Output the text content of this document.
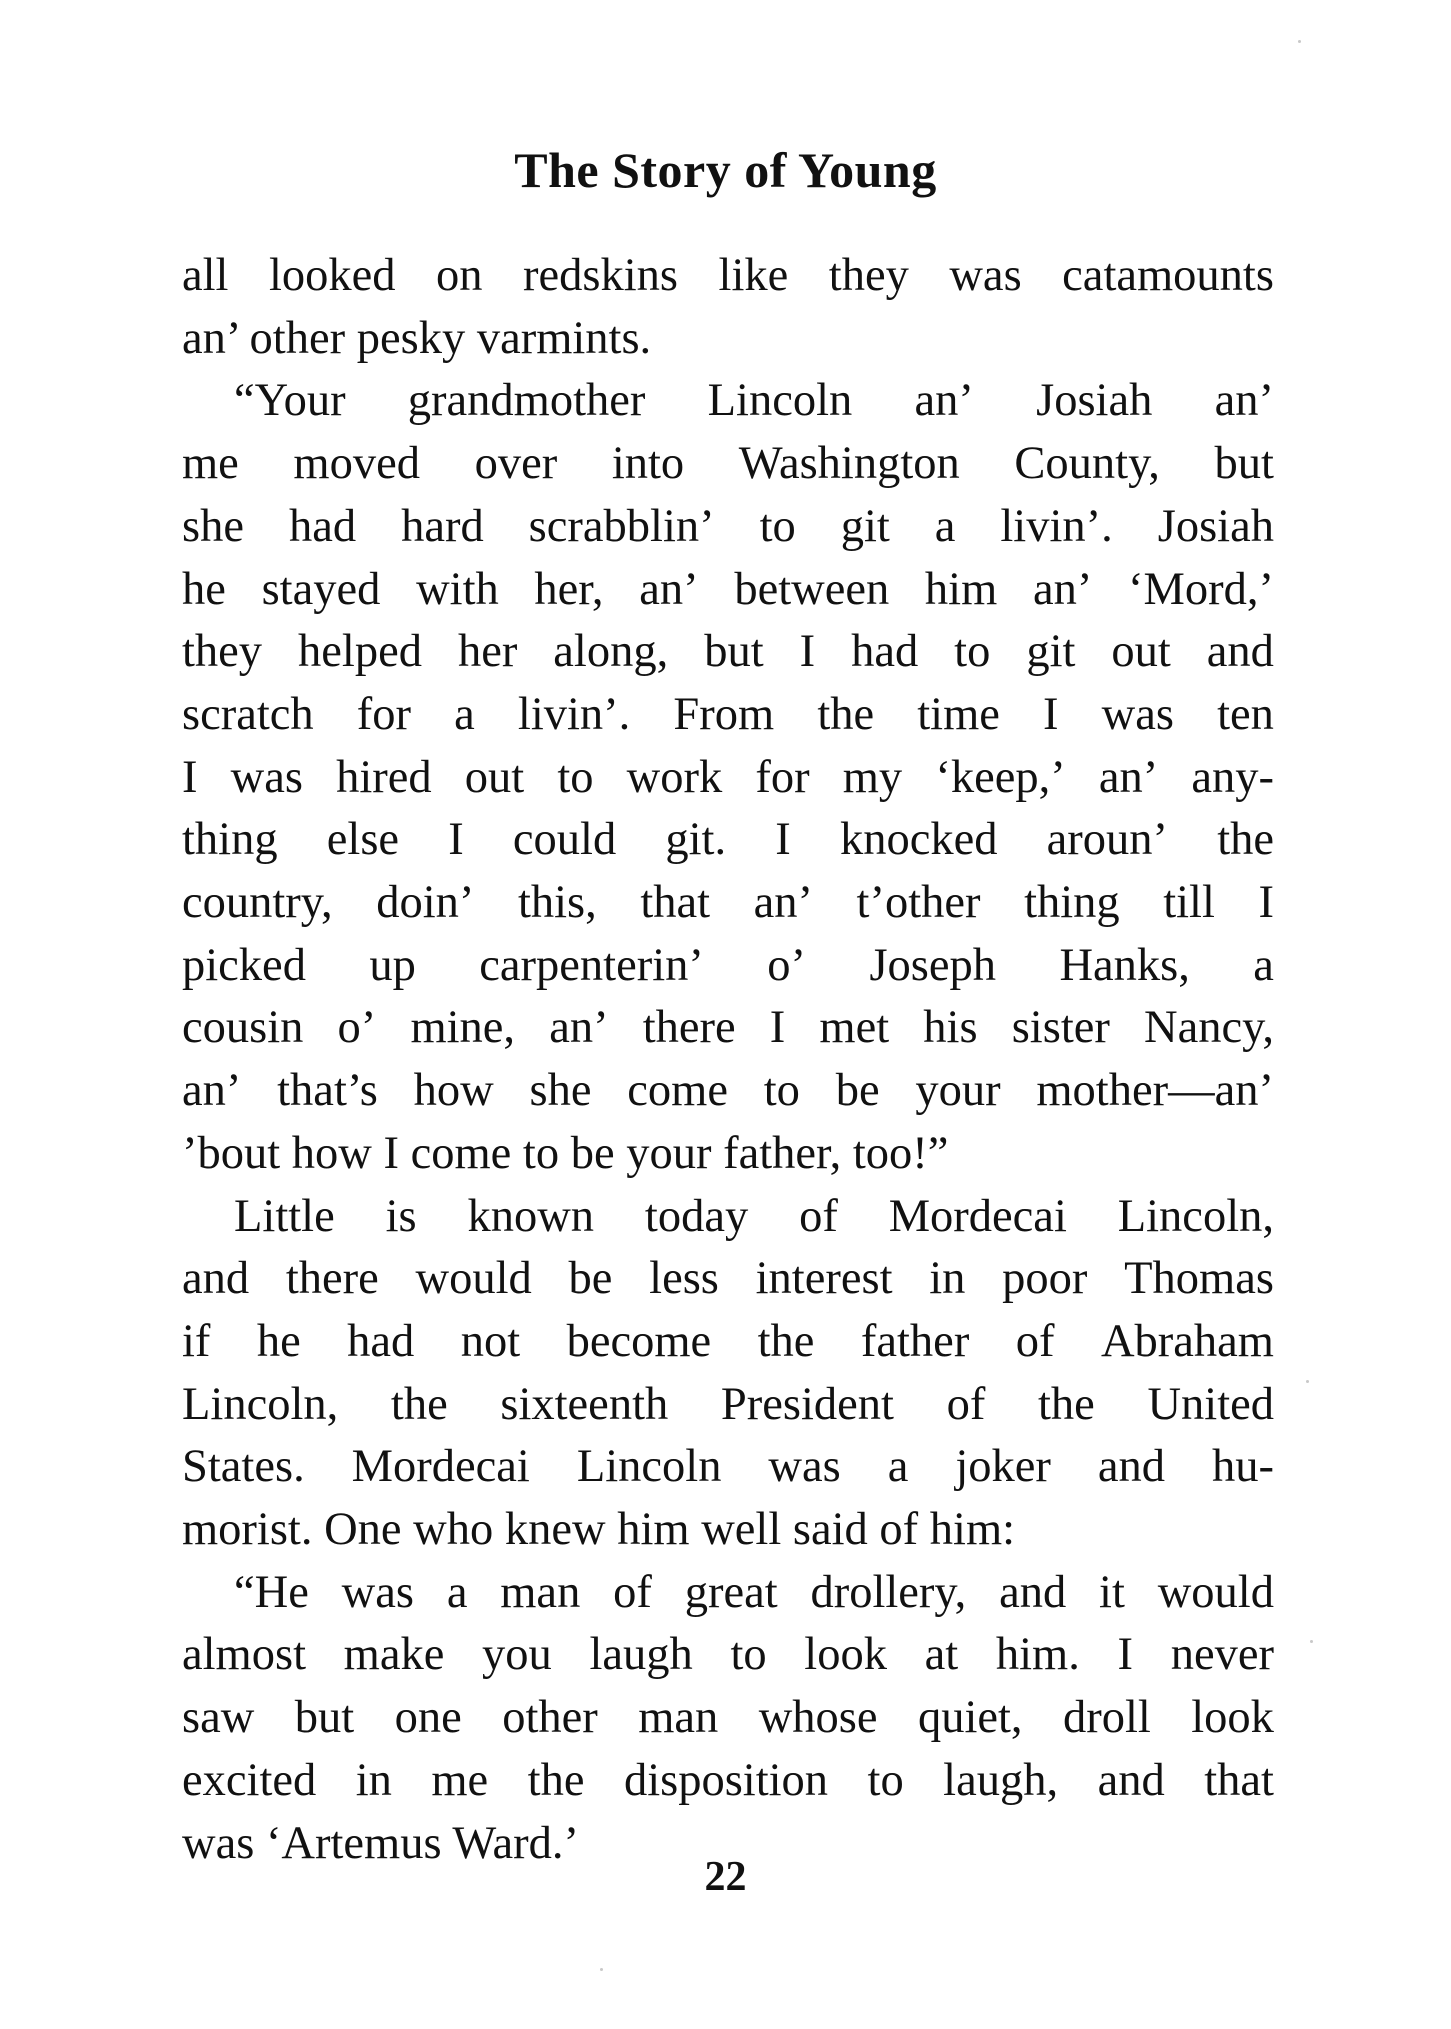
The Story of Young

all looked on redskins like they was catamounts
an’ other pesky varmints.

“Your grandmother Lincoln an’ Josiah an’
me moved over into Washington County, but
she had hard scrabblin’ to git a livin’. Josiah
he stayed with her, an’ between him an’ ‘Mord,’
they helped her along, but I had to git out and
scratch for a livin’. From the time I was ten
I was hired out to work for my ‘keep,’ an’ any-
thing else I could git. I knocked aroun’ the
country, doin’ this, that an’ t’other thing till I
picked up carpenterin’ o’ Joseph Hanks, a
cousin o’ mine, an’ there I met his sister Nancy,
an’ that’s how she come to be your mother—an’
’bout how I come to be your father, too!”

Little is known today of Mordecai Lincoln,
and there would be less interest in poor Thomas
if he had not become the father of Abraham
Lincoln, the sixteenth President of the United
States. Mordecai Lincoln was a joker and hu-
morist. One who knew him well said of him:

“He was a man of great drollery, and it would
almost make you laugh to look at him. I never
saw but one other man whose quiet, droll look
excited in me the disposition to laugh, and that
was ‘Artemus Ward.’

22
